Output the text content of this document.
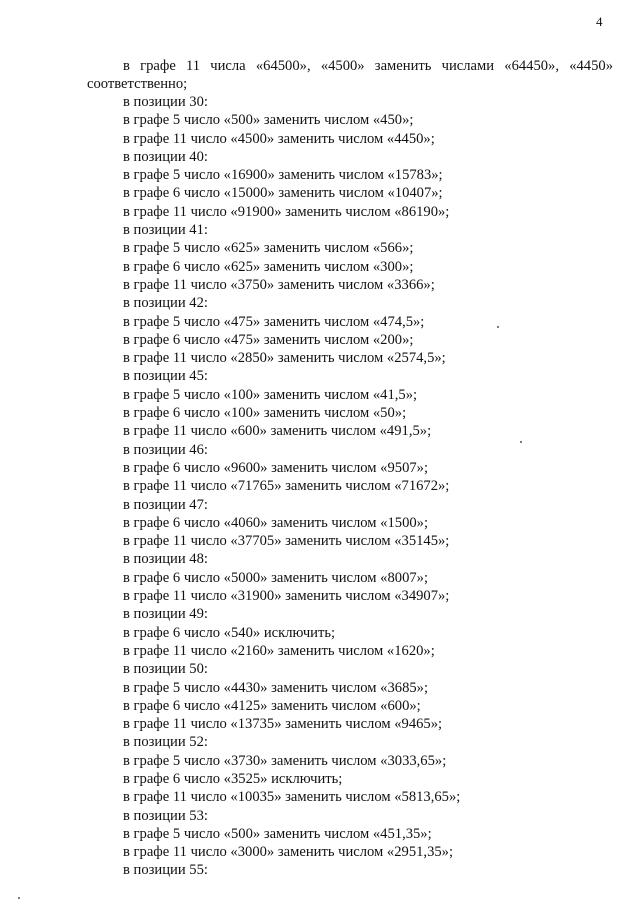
4
в графе 11 числа «64500», «4500» заменить числами «64450», «4450»
соответственно;
в позиции 30:
в графе 5 число «500» заменить числом «450»;
в графе 11 число «4500» заменить числом «4450»;
в позиции 40:
в графе 5 число «16900» заменить числом «15783»;
в графе 6 число «15000» заменить числом «10407»;
в графе 11 число «91900» заменить числом «86190»;
в позиции 41:
в графе 5 число «625» заменить числом «566»;
в графе 6 число «625» заменить числом «300»;
в графе 11 число «3750» заменить числом «3366»;
в позиции 42:
в графе 5 число «475» заменить числом «474,5»;
в графе 6 число «475» заменить числом «200»;
в графе 11 число «2850» заменить числом «2574,5»;
в позиции 45:
в графе 5 число «100» заменить числом «41,5»;
в графе 6 число «100» заменить числом «50»;
в графе 11 число «600» заменить числом «491,5»;
в позиции 46:
в графе 6 число «9600» заменить числом «9507»;
в графе 11 число «71765» заменить числом «71672»;
в позиции 47:
в графе 6 число «4060» заменить числом «1500»;
в графе 11 число «37705» заменить числом «35145»;
в позиции 48:
в графе 6 число «5000» заменить числом «8007»;
в графе 11 число «31900» заменить числом «34907»;
в позиции 49:
в графе 6 число «540» исключить;
в графе 11 число «2160» заменить числом «1620»;
в позиции 50:
в графе 5 число «4430» заменить числом «3685»;
в графе 6 число «4125» заменить числом «600»;
в графе 11 число «13735» заменить числом «9465»;
в позиции 52:
в графе 5 число «3730» заменить числом «3033,65»;
в графе 6 число «3525» исключить;
в графе 11 число «10035» заменить числом «5813,65»;
в позиции 53:
в графе 5 число «500» заменить числом «451,35»;
в графе 11 число «3000» заменить числом «2951,35»;
в позиции 55:
